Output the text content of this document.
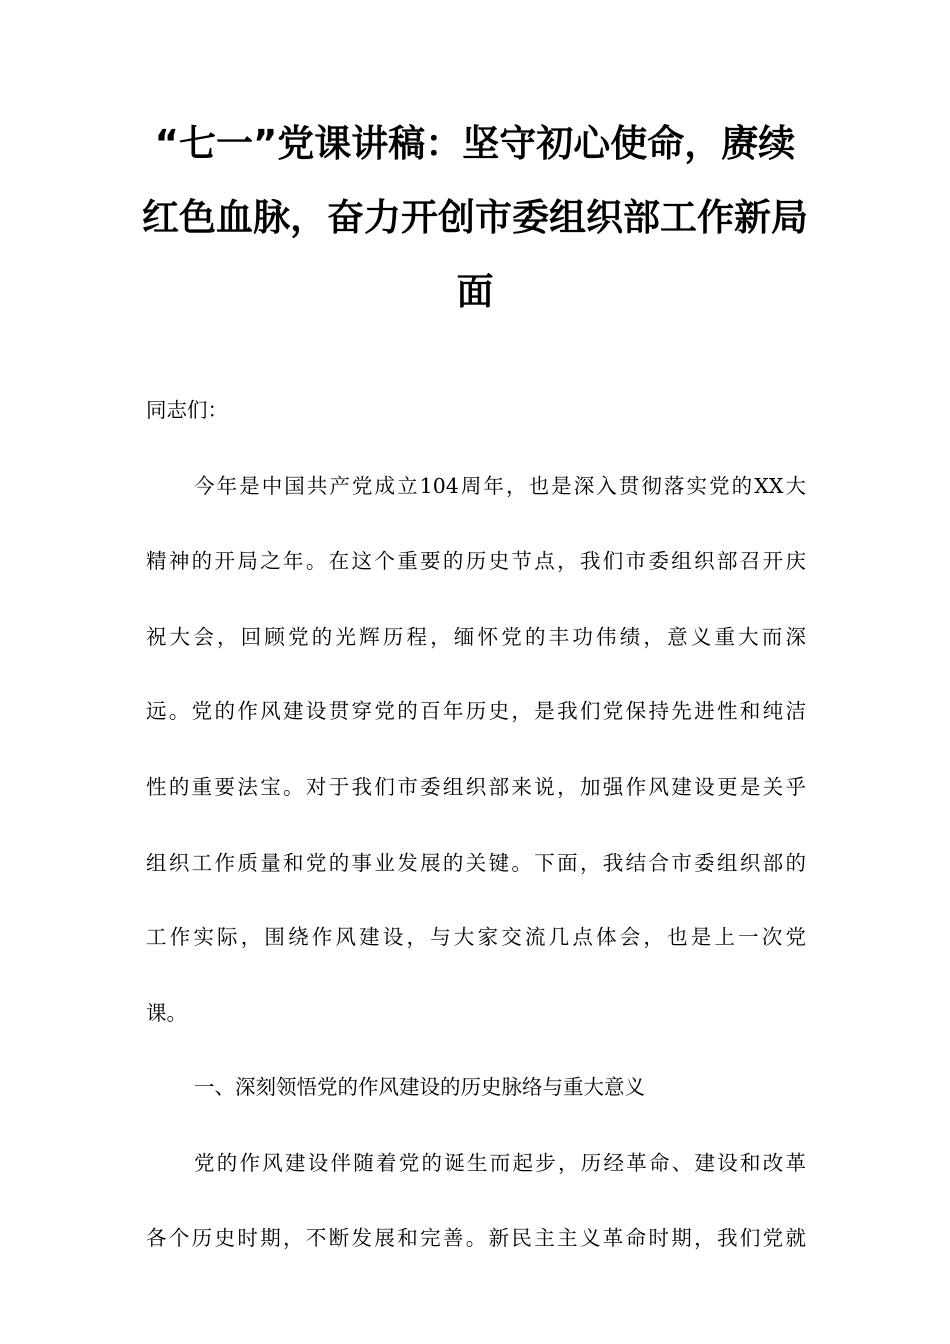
“七一”党课讲稿：坚守初心使命，赓续
红色血脉，奋力开创市委组织部工作新局
面
同志们：
今年是中国共产党成立104周年，也是深入贯彻落实党的XX大
精神的开局之年。在这个重要的历史节点，我们市委组织部召开庆
祝大会，回顾党的光辉历程，缅怀党的丰功伟绩，意义重大而深
远。党的作风建设贯穿党的百年历史，是我们党保持先进性和纯洁
性的重要法宝。对于我们市委组织部来说，加强作风建设更是关乎
组织工作质量和党的事业发展的关键。下面，我结合市委组织部的
工作实际，围绕作风建设，与大家交流几点体会，也是上一次党
课。
一、深刻领悟党的作风建设的历史脉络与重大意义
党的作风建设伴随着党的诞生而起步，历经革命、建设和改革
各个历史时期，不断发展和完善。新民主主义革命时期，我们党就
